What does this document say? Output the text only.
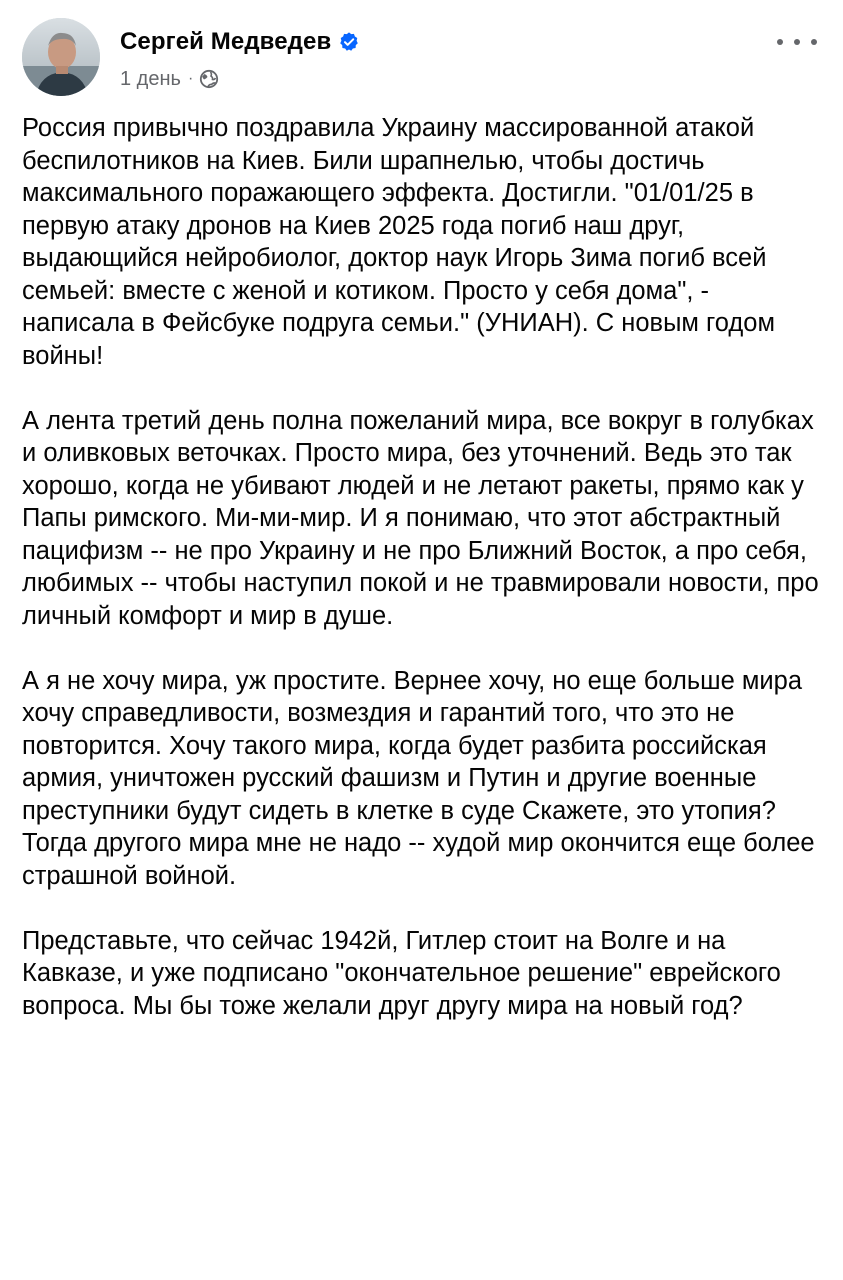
Сергей Медведев
1 день ·

Россия привычно поздравила Украину массированной атакой беспилотников на Киев. Били шрапнелью, чтобы достичь максимального поражающего эффекта. Достигли. "01/01/25 в первую атаку дронов на Киев 2025 года погиб наш друг, выдающийся нейробиолог, доктор наук Игорь Зима погиб всей семьей: вместе с женой и котиком. Просто у себя дома", - написала в Фейсбуке подруга семьи." (УНИАН). С новым годом войны!

А лента третий день полна пожеланий мира, все вокруг в голубках и оливковых веточках. Просто мира, без уточнений. Ведь это так хорошо, когда не убивают людей и не летают ракеты, прямо как у Папы римского. Ми-ми-мир. И я понимаю, что этот абстрактный пацифизм -- не про Украину и не про Ближний Восток, а про себя, любимых -- чтобы наступил покой и не травмировали новости, про личный комфорт и мир в душе.

А я не хочу мира, уж простите. Вернее хочу, но еще больше мира хочу справедливости, возмездия и гарантий того, что это не повторится. Хочу такого мира, когда будет разбита российская армия, уничтожен русский фашизм и Путин и другие военные преступники будут сидеть в клетке в суде Скажете, это утопия? Тогда другого мира мне не надо -- худой мир окончится еще более страшной войной.

Представьте, что сейчас 1942й, Гитлер стоит на Волге и на Кавказе, и уже подписано "окончательное решение" еврейского вопроса. Мы бы тоже желали друг другу мира на новый год?
